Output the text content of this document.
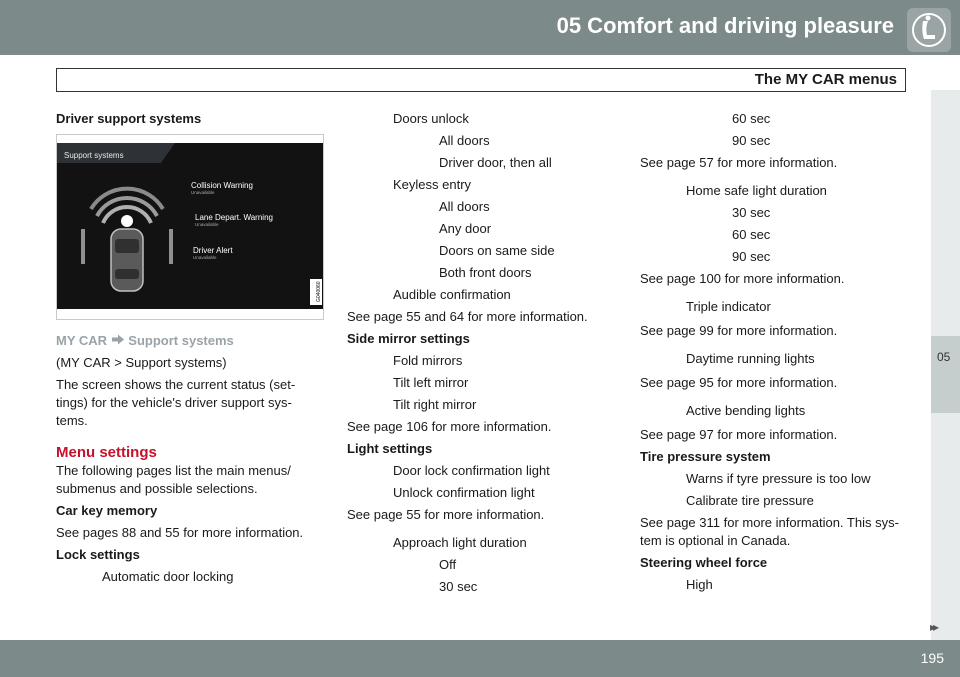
05 Comfort and driving pleasure
The MY CAR menus
05

Driver support systems

Support systems
Collision Warning
Unavailable
Lane Depart. Warning
Unavailable
Driver Alert
Unavailable
G040060

MY CAR Support systems

(MY CAR > Support systems)

The screen shows the current status (set-tings) for the vehicle's driver support sys-tems.

Menu settings

The following pages list the main menus/ submenus and possible selections.

Car key memory

See pages 88 and 55 for more information.

Lock settings

Automatic door locking

Doors unlock

All doors

Driver door, then all

Keyless entry

All doors

Any door

Doors on same side

Both front doors

Audible confirmation

See page 55 and 64 for more information.

Side mirror settings

Fold mirrors

Tilt left mirror

Tilt right mirror

See page 106 for more information.

Light settings

Door lock confirmation light

Unlock confirmation light

See page 55 for more information.

Approach light duration

Off

30 sec

60 sec

90 sec

See page 57 for more information.

Home safe light duration

30 sec

60 sec

90 sec

See page 100 for more information.

Triple indicator

See page 99 for more information.

Daytime running lights

See page 95 for more information.

Active bending lights

See page 97 for more information.

Tire pressure system

Warns if tyre pressure is too low

Calibrate tire pressure

See page 311 for more information. This sys-tem is optional in Canada.

Steering wheel force

High

▸▸
195
